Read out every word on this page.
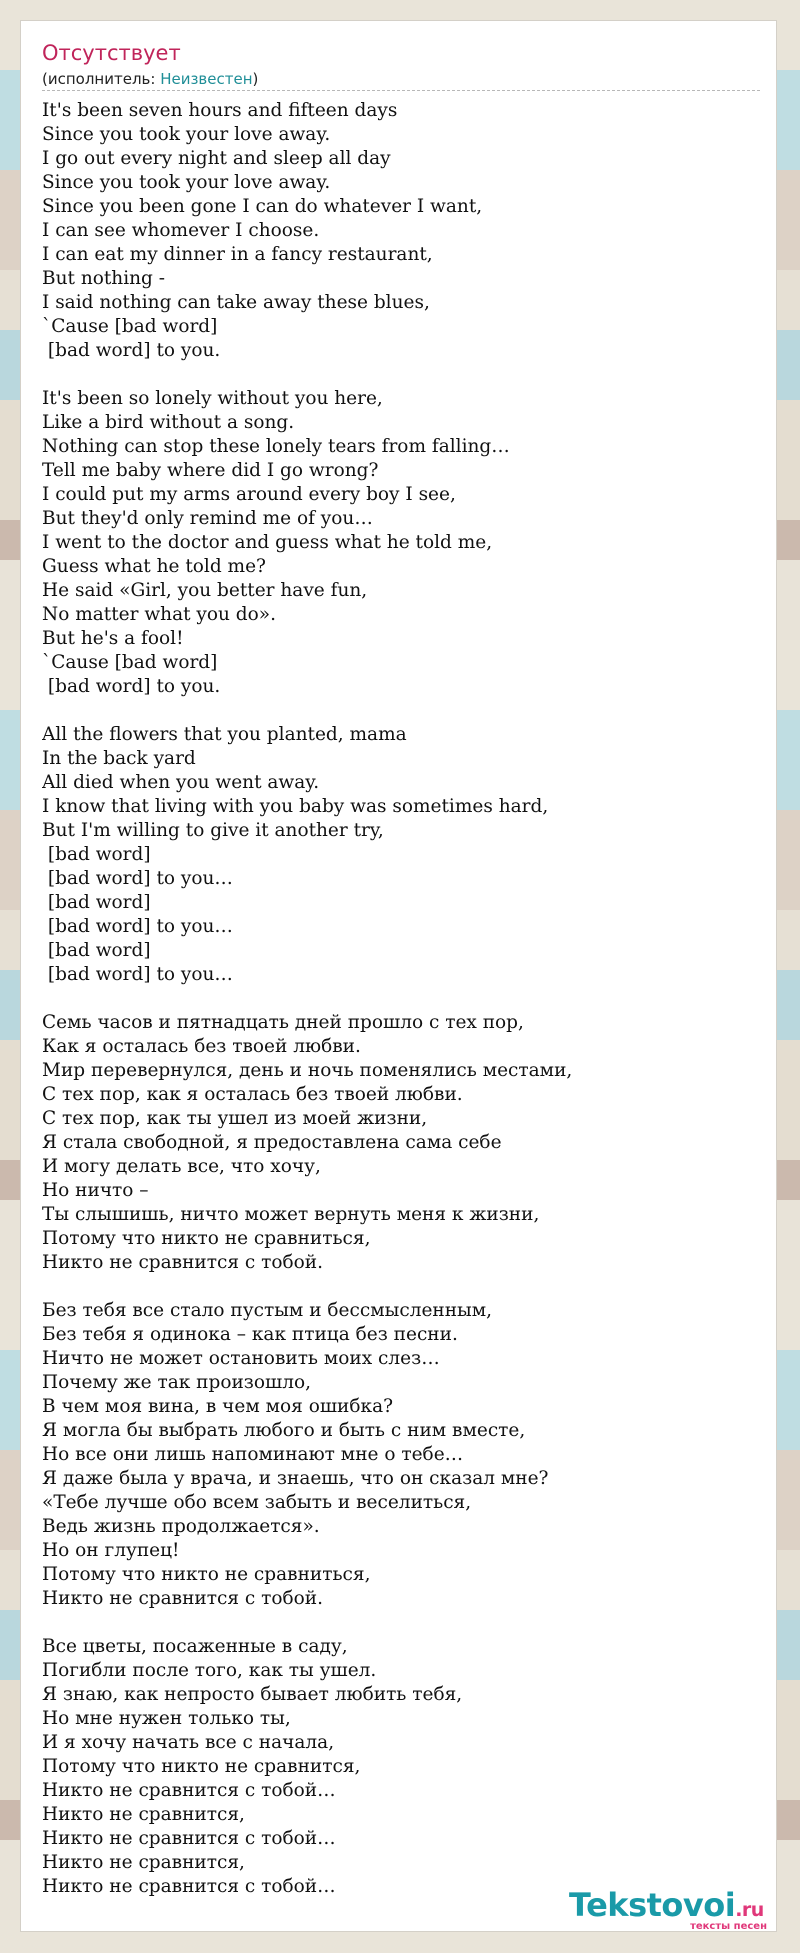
Отсутствует
(исполнитель: Неизвестен)
It's been seven hours and fifteen days
Since you took your love away.
I go out every night and sleep all day
Since you took your love away.
Since you been gone I can do whatever I want,
I can see whomever I choose.
I can eat my dinner in a fancy restaurant,
But nothing -
I said nothing can take away these blues,
`Cause [bad word]
[bad word] to you.

It's been so lonely without you here,
Like a bird without a song.
Nothing can stop these lonely tears from falling…
Tell me baby where did I go wrong?
I could put my arms around every boy I see,
But they'd only remind me of you…
I went to the doctor and guess what he told me,
Guess what he told me?
He said «Girl, you better have fun,
No matter what you do».
But he's a fool!
`Cause [bad word]
[bad word] to you.

All the flowers that you planted, mama
In the back yard
All died when you went away.
I know that living with you baby was sometimes hard,
But I'm willing to give it another try,
[bad word]
[bad word] to you…
[bad word]
[bad word] to you…
[bad word]
[bad word] to you…

Семь часов и пятнадцать дней прошло с тех пор,
Как я осталась без твоей любви.
Мир перевернулся, день и ночь поменялись местами,
С тех пор, как я осталась без твоей любви.
С тех пор, как ты ушел из моей жизни,
Я стала свободной, я предоставлена сама себе
И могу делать все, что хочу,
Но ничто –
Ты слышишь, ничто может вернуть меня к жизни,
Потому что никто не сравниться,
Никто не сравнится с тобой.

Без тебя все стало пустым и бессмысленным,
Без тебя я одинока – как птица без песни.
Ничто не может остановить моих слез…
Почему же так произошло,
В чем моя вина, в чем моя ошибка?
Я могла бы выбрать любого и быть с ним вместе,
Но все они лишь напоминают мне о тебе…
Я даже была у врача, и знаешь, что он сказал мне?
«Тебе лучше обо всем забыть и веселиться,
Ведь жизнь продолжается».
Но он глупец!
Потому что никто не сравниться,
Никто не сравнится с тобой.

Все цветы, посаженные в саду,
Погибли после того, как ты ушел.
Я знаю, как непросто бывает любить тебя,
Но мне нужен только ты,
И я хочу начать все с начала,
Потому что никто не сравнится,
Никто не сравнится с тобой…
Никто не сравнится,
Никто не сравнится с тобой…
Никто не сравнится,
Никто не сравнится с тобой…	Tekstovoi.ru
тексты песен
